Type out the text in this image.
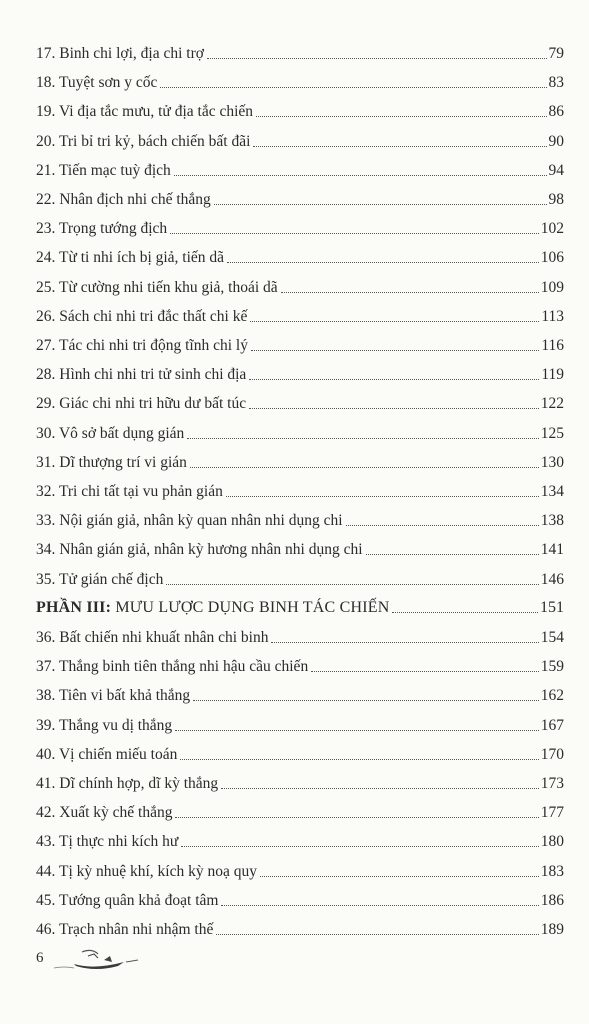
17. Binh chi lợi, địa chi trợ	79
18. Tuyệt sơn y cốc	83
19. Vi địa tắc mưu, tử địa tắc chiến	86
20. Tri bỉ tri kỷ, bách chiến bất đãi	90
21. Tiến mạc tuỳ địch	94
22. Nhân địch nhi chế thắng	98
23. Trọng tướng địch	102
24. Từ ti nhi ích bị giả, tiến dã	106
25. Từ cường nhi tiến khu giả, thoái dã	109
26. Sách chi nhi tri đắc thất chi kế	113
27. Tác chi nhi tri động tĩnh chi lý	116
28. Hình chi nhi tri tử sinh chi địa	119
29. Giác chi nhi tri hữu dư bất túc	122
30. Vô sở bất dụng gián	125
31. Dĩ thượng trí vi gián	130
32. Tri chi tất tại vu phản gián	134
33. Nội gián giả, nhân kỳ quan nhân nhi dụng chi	138
34. Nhân gián giả, nhân kỳ hương nhân nhi dụng chi	141
35. Tử gián chế địch	146
PHẦN III: MƯU LƯỢC DỤNG BINH TÁC CHIẾN	151
36. Bất chiến nhi khuất nhân chi binh	154
37. Thắng binh tiên thắng nhi hậu cầu chiến	159
38. Tiên vi bất khả thắng	162
39. Thắng vu dị thắng	167
40. Vị chiến miếu toán	170
41. Dĩ chính hợp, dĩ kỳ thắng	173
42. Xuất kỳ chế thắng	177
43. Tị thực nhi kích hư	180
44. Tị kỳ nhuệ khí, kích kỳ noạ quy	183
45. Tướng quân khả đoạt tâm	186
46. Trạch nhân nhi nhậm thế	189
6
